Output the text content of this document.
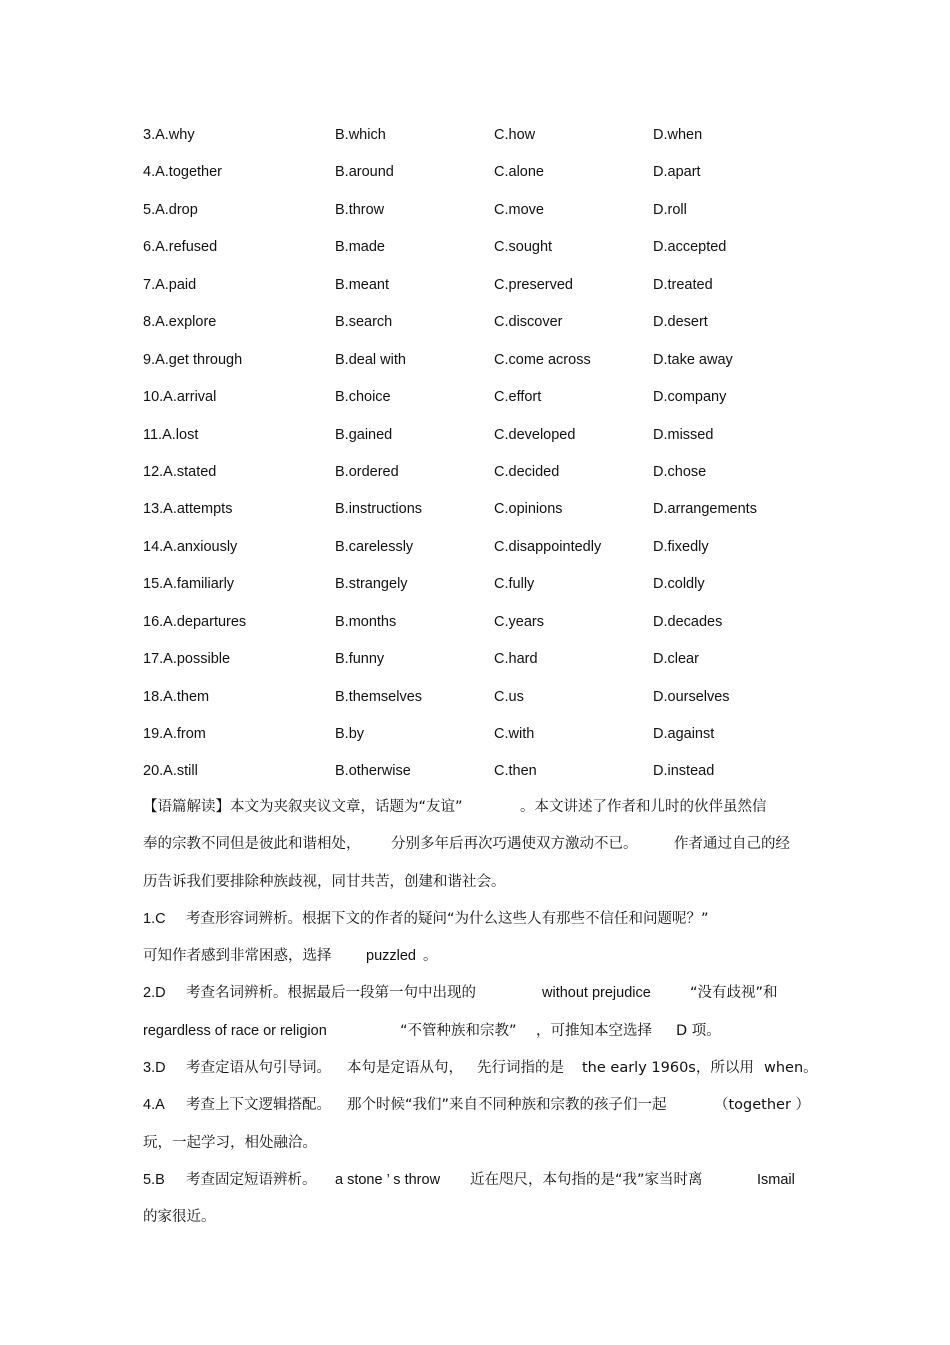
3.A.why	B.which	C.how	D.when
4.A.together	B.around	C.alone	D.apart
5.A.drop	B.throw	C.move	D.roll
6.A.refused	B.made	C.sought	D.accepted
7.A.paid	B.meant	C.preserved	D.treated
8.A.explore	B.search	C.discover	D.desert
9.A.get through	B.deal with	C.come across	D.take away
10.A.arrival	B.choice	C.effort	D.company
11.A.lost	B.gained	C.developed	D.missed
12.A.stated	B.ordered	C.decided	D.chose
13.A.attempts	B.instructions	C.opinions	D.arrangements
14.A.anxiously	B.carelessly	C.disappointedly	D.fixedly
15.A.familiarly	B.strangely	C.fully	D.coldly
16.A.departures	B.months	C.years	D.decades
17.A.possible	B.funny	C.hard	D.clear
18.A.them	B.themselves	C.us	D.ourselves
19.A.from	B.by	C.with	D.against
20.A.still	B.otherwise	C.then	D.instead
【语篇解读】本文为夹叙夹议文章，话题为“友谊”	。本文讲述了作者和儿时的伙伴虽然信
奉的宗教不同但是彼此和谐相处， 分别多年后再次巧遇使双方激动不已。	作者通过自己的经
历告诉我们要排除种族歧视，同甘共苦，创建和谐社会。
1.C 考查形容词辨析。根据下文的作者的疑问“为什么这些人有那些不信任和问题呢？”
可知作者感到非常困惑，选择 puzzled 。
2.D 考查名词辨析。根据最后一段第一句中出现的	without prejudice	“没有歧视”和
regardless of race or religion	“不管种族和宗教” ，可推知本空选择 D 项。
3.D 考查定语从句引导词。 本句是定语从句， 先行词指的是 the early 1960s，所以用 when。
4.A 考查上下文逻辑搭配。 那个时候“我们”来自不同种族和宗教的孩子们一起	（together ）
玩，一起学习，相处融洽。
5.B 考查固定短语辨析。 a stone ’ s throw 近在咫尺，本句指的是“我”家当时离	Ismail
的家很近。
